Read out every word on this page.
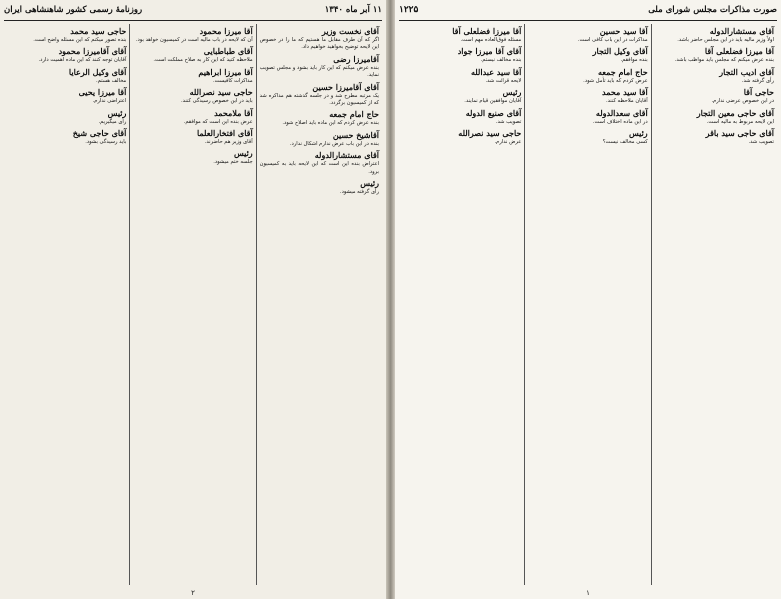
۱۱ آبر ماه ۱۳۴۰
روزنامهٔ رسمی کشور شاهنشاهی ایران
آقای نخست وزیر
اگر که آن طرف مقابل ما هستیم که ما را در خصوص این لایحه توضیح بخواهید خواهیم داد.
آقامیرزا رضی
بنده عرض میکنم که این کار باید بشود و مجلس تصویب نماید.
آقای آقامیرزا حسین
یک مرتبه مطرح شد و در جلسه گذشته هم مذاکره شد که از کمیسیون برگردد.
حاج امام جمعه
بنده عرض کردم که این ماده باید اصلاح شود.
آقاشیخ حسین
بنده در این باب عرض ندارم اشکال ندارد.
آقای مستشارالدوله
اعتراض بنده این است که این لایحه باید به کمیسیون برود.
رئیس
رأی گرفته میشود.
آقا میرزا محمود
آن که لایحه در باب مالیه است در کمیسیون خواهد بود.
آقای طباطبایی
ملاحظه کنید که این کار به صلاح مملکت است.
آقا میرزا ابراهیم
مذاکرات کافیست.
حاجی سید نصرالله
باید در این خصوص رسیدگی کنند.
آقا ملامحمد
عرض بنده این است که موافقم.
آقای افتخارالعلما
آقای وزیر هم حاضرند.
رئیس
جلسه ختم میشود.
حاجی سید محمد
بنده تصور میکنم که این مسئله واضح است.
آقای آقامیرزا محمود
آقایان توجه کنند که این ماده اهمیت دارد.
آقای وکیل الرعایا
مخالف هستم.
آقا میرزا یحیی
اعتراضی ندارم.
رئیس
رأی میگیریم.
آقای حاجی شیخ
باید رسیدگی بشود.
۲
صورت مذاکرات مجلس شورای ملی
۱۲۲۵
آقای مستشارالدوله
اولاً وزیر مالیه باید در این مجلس حاضر باشد.
آقا میرزا فضلعلی آقا
بنده عرض میکنم که مجلس باید مواظب باشد.
آقای ادیب التجار
رأی گرفته شد.
حاجی آقا
در این خصوص عرضی ندارم.
آقای حاجی معین التجار
این لایحه مربوط به مالیه است.
آقای حاجی سید باقر
تصویب شد.
آقا سید حسین
مذاکرات در این باب کافی است.
آقای وکیل التجار
بنده موافقم.
حاج امام جمعه
عرض کردم که باید تأمل شود.
آقا سید محمد
آقایان ملاحظه کنند.
آقای سعدالدوله
در این ماده اختلاف است.
رئیس
کسی مخالف نیست؟
آقا میرزا فضلعلی آقا
مسئله فوق‌العاده مهم است.
آقای آقا میرزا جواد
بنده مخالف نیستم.
آقا سید عبدالله
لایحه قرائت شد.
رئیس
آقایان موافقین قیام نمایند.
آقای صنیع الدوله
تصویب شد.
حاجی سید نصرالله
عرض ندارم.
۱
